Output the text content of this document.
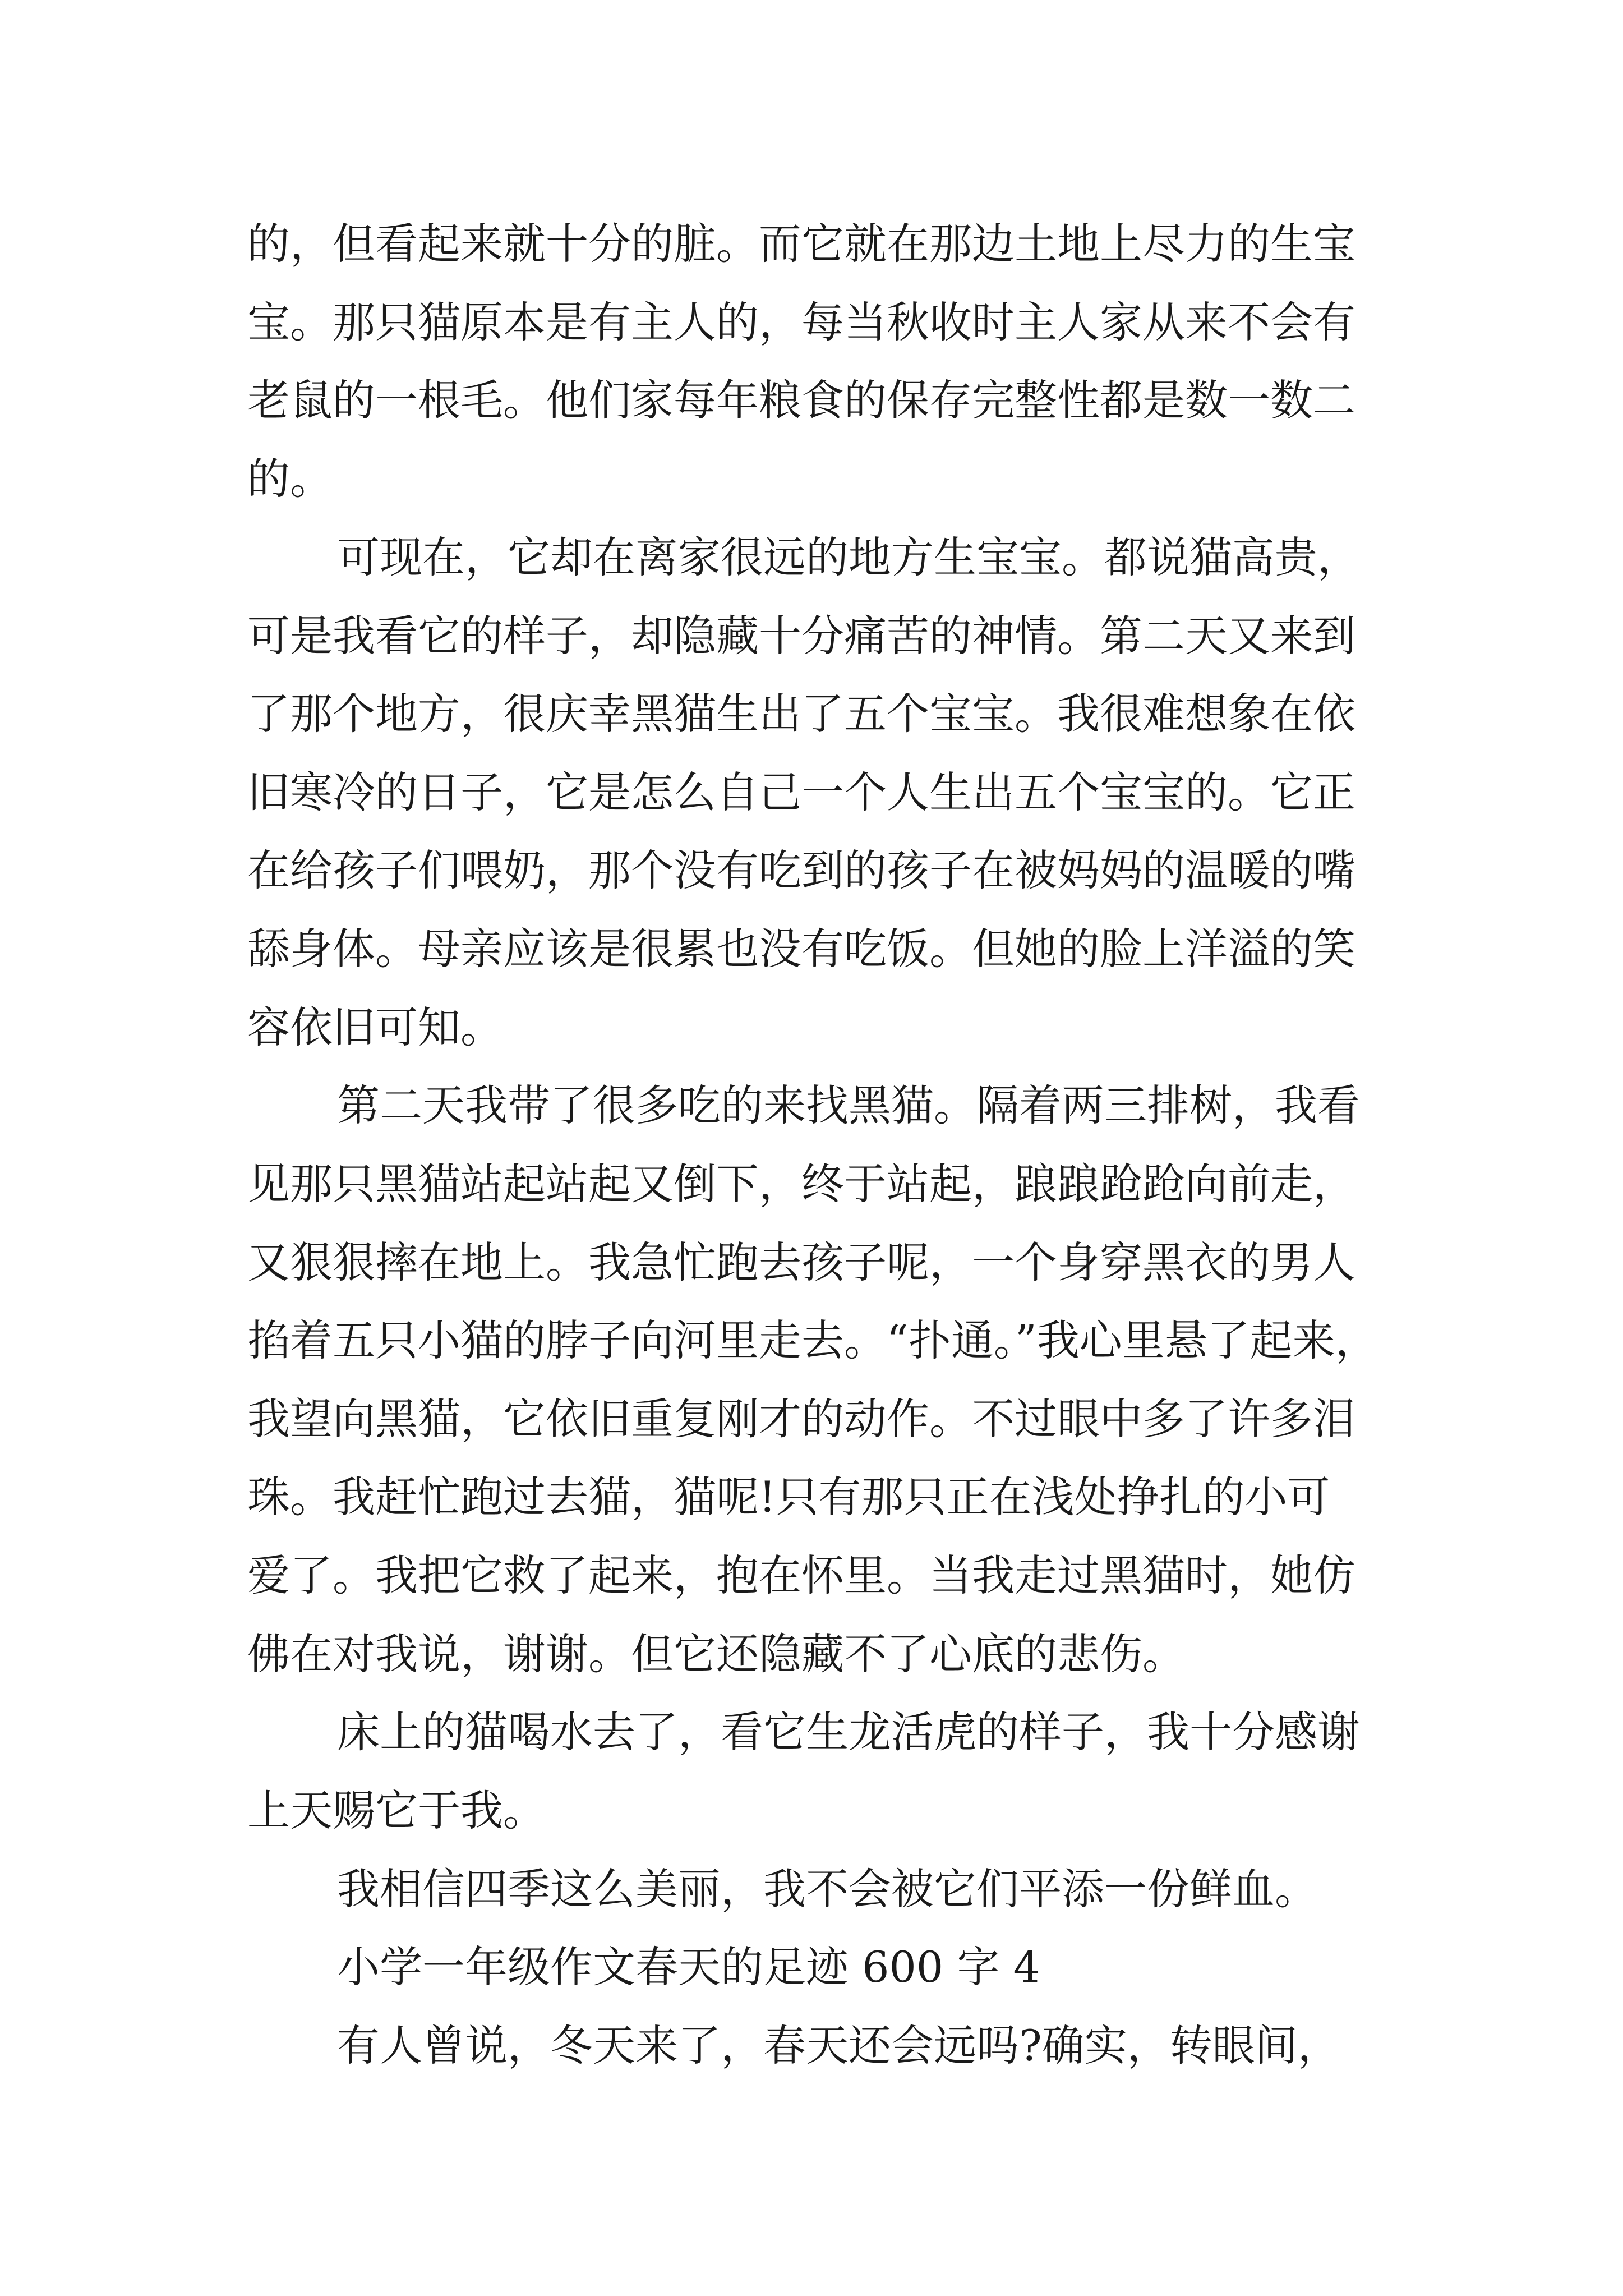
的，但看起来就十分的脏。而它就在那边土地上尽力的生宝
宝。那只猫原本是有主人的，每当秋收时主人家从来不会有
老鼠的一根毛。他们家每年粮食的保存完整性都是数一数二
的。
可现在，它却在离家很远的地方生宝宝。都说猫高贵，
可是我看它的样子，却隐藏十分痛苦的神情。第二天又来到
了那个地方，很庆幸黑猫生出了五个宝宝。我很难想象在依
旧寒冷的日子，它是怎么自己一个人生出五个宝宝的。它正
在给孩子们喂奶，那个没有吃到的孩子在被妈妈的温暖的嘴
舔身体。母亲应该是很累也没有吃饭。但她的脸上洋溢的笑
容依旧可知。
第二天我带了很多吃的来找黑猫。隔着两三排树，我看
见那只黑猫站起站起又倒下，终于站起，踉踉跄跄向前走，
又狠狠摔在地上。我急忙跑去孩子呢，一个身穿黑衣的男人
掐着五只小猫的脖子向河里走去。“扑通。”我心里悬了起来，
我望向黑猫，它依旧重复刚才的动作。不过眼中多了许多泪
珠。我赶忙跑过去猫，猫呢!只有那只正在浅处挣扎的小可
爱了。我把它救了起来，抱在怀里。当我走过黑猫时，她仿
佛在对我说，谢谢。但它还隐藏不了心底的悲伤。
床上的猫喝水去了，看它生龙活虎的样子，我十分感谢
上天赐它于我。
我相信四季这么美丽，我不会被它们平添一份鲜血。
小学一年级作文春天的足迹 600 字 4
有人曾说，冬天来了，春天还会远吗?确实，转眼间，
